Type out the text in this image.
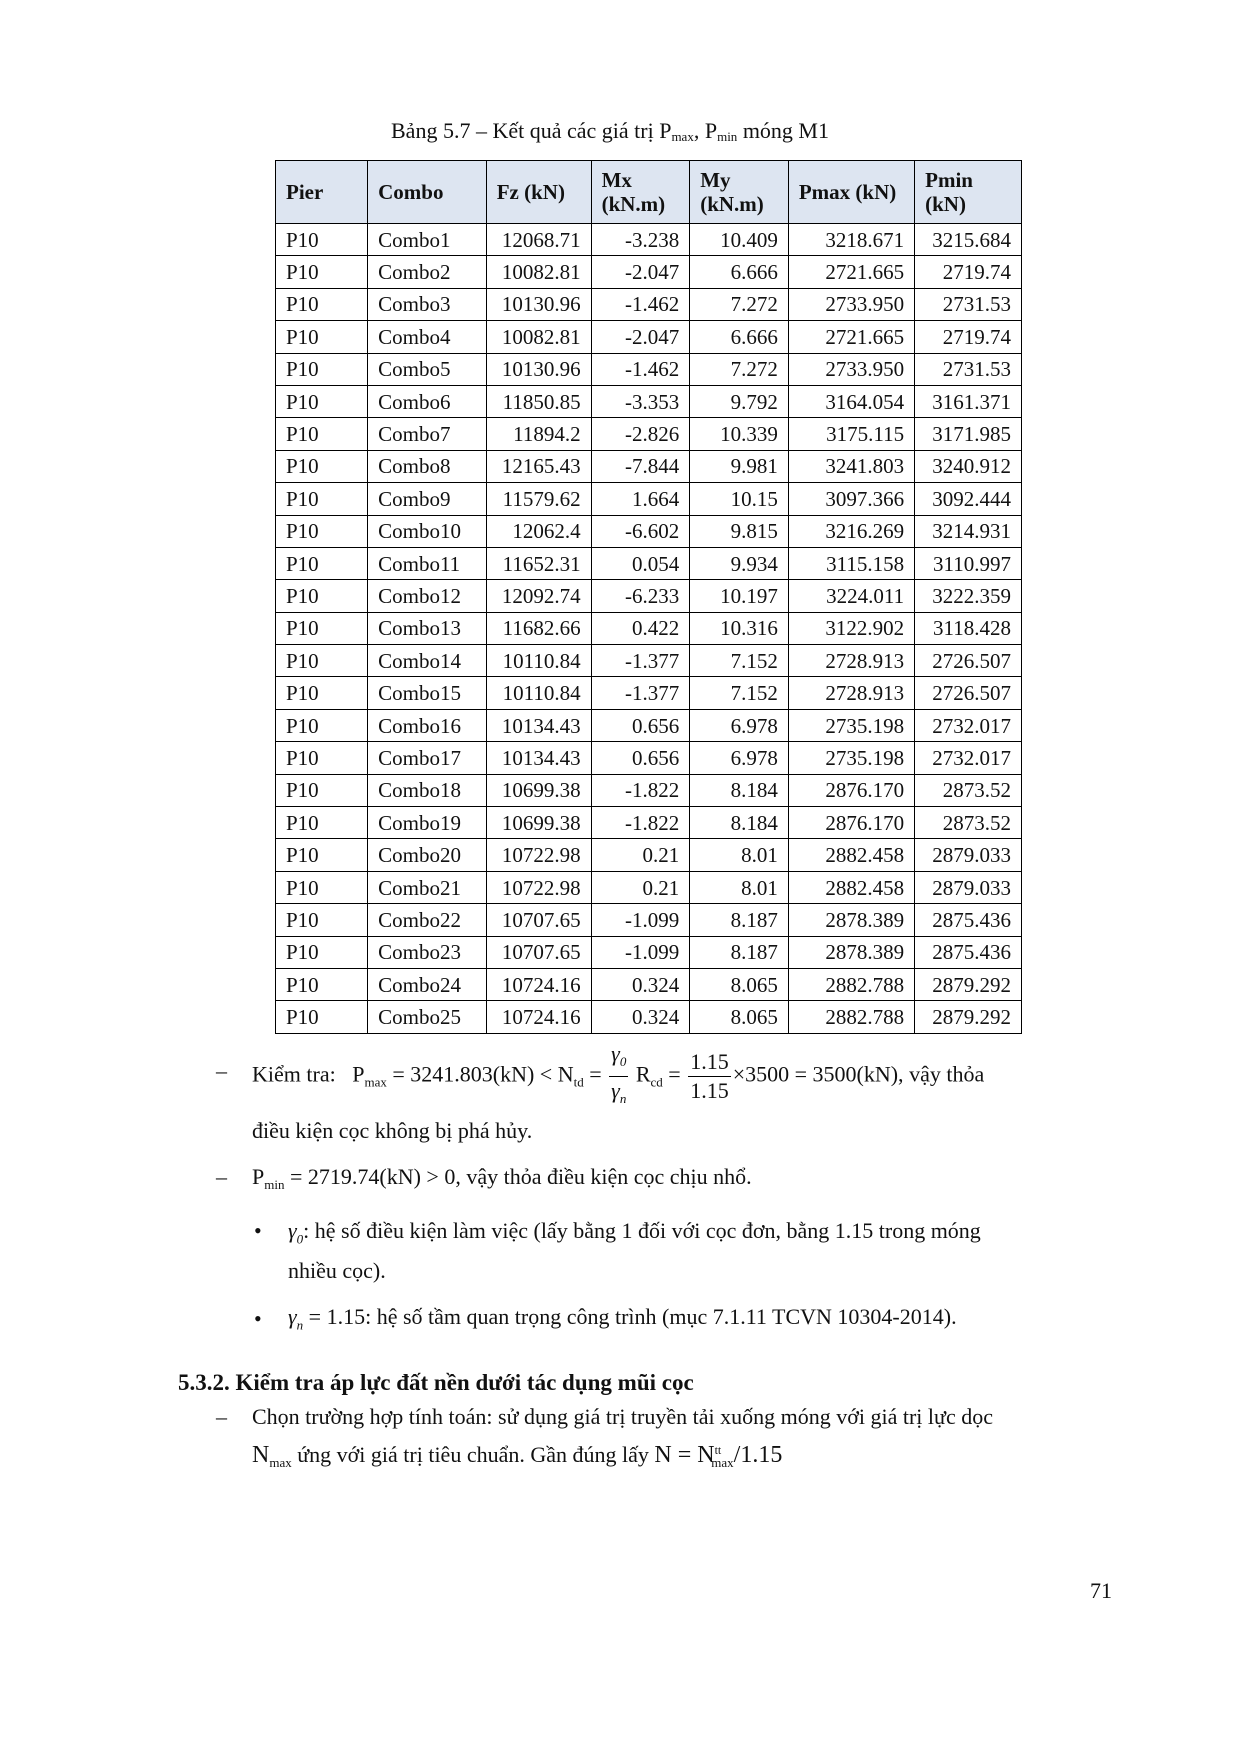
Bảng 5.7 – Kết quả các giá trị $P_{max}$, $P_{min}$ móng M1
Pier	Combo	Fz (kN)	Mx (kN.m)	My (kN.m)	Pmax (kN)	Pmin (kN)
P10	Combo1	12068.71	-3.238	10.409	3218.671	3215.684
P10	Combo2	10082.81	-2.047	6.666	2721.665	2719.74
P10	Combo3	10130.96	-1.462	7.272	2733.950	2731.53
P10	Combo4	10082.81	-2.047	6.666	2721.665	2719.74
P10	Combo5	10130.96	-1.462	7.272	2733.950	2731.53
P10	Combo6	11850.85	-3.353	9.792	3164.054	3161.371
P10	Combo7	11894.2	-2.826	10.339	3175.115	3171.985
P10	Combo8	12165.43	-7.844	9.981	3241.803	3240.912
P10	Combo9	11579.62	1.664	10.15	3097.366	3092.444
P10	Combo10	12062.4	-6.602	9.815	3216.269	3214.931
P10	Combo11	11652.31	0.054	9.934	3115.158	3110.997
P10	Combo12	12092.74	-6.233	10.197	3224.011	3222.359
P10	Combo13	11682.66	0.422	10.316	3122.902	3118.428
P10	Combo14	10110.84	-1.377	7.152	2728.913	2726.507
P10	Combo15	10110.84	-1.377	7.152	2728.913	2726.507
P10	Combo16	10134.43	0.656	6.978	2735.198	2732.017
P10	Combo17	10134.43	0.656	6.978	2735.198	2732.017
P10	Combo18	10699.38	-1.822	8.184	2876.170	2873.52
P10	Combo19	10699.38	-1.822	8.184	2876.170	2873.52
P10	Combo20	10722.98	0.21	8.01	2882.458	2879.033
P10	Combo21	10722.98	0.21	8.01	2882.458	2879.033
P10	Combo22	10707.65	-1.099	8.187	2878.389	2875.436
P10	Combo23	10707.65	-1.099	8.187	2878.389	2875.436
P10	Combo24	10724.16	0.324	8.065	2882.788	2879.292
P10	Combo25	10724.16	0.324	8.065	2882.788	2879.292
– Kiểm tra: $P_{max} = 3241.803(kN) < N_{td} = \frac{\gamma_0}{\gamma_n} R_{cd} = \frac{1.15}{1.15} \times 3500 = 3500(kN)$, vậy thỏa
điều kiện cọc không bị phá hủy.
– $P_{min} = 2719.74(kN) > 0$, vậy thỏa điều kiện cọc chịu nhổ.
• $\gamma_0$: hệ số điều kiện làm việc (lấy bằng 1 đối với cọc đơn, bằng 1.15 trong móng
nhiều cọc).
• $\gamma_n = 1.15$: hệ số tầm quan trọng công trình (mục 7.1.11 TCVN 10304-2014).
5.3.2. Kiểm tra áp lực đất nền dưới tác dụng mũi cọc
– Chọn trường hợp tính toán: sử dụng giá trị truyền tải xuống móng với giá trị lực dọc
$N_{max}$ ứng với giá trị tiêu chuẩn. Gần đúng lấy $N = N^{tt}_{max}/1.15$
71
